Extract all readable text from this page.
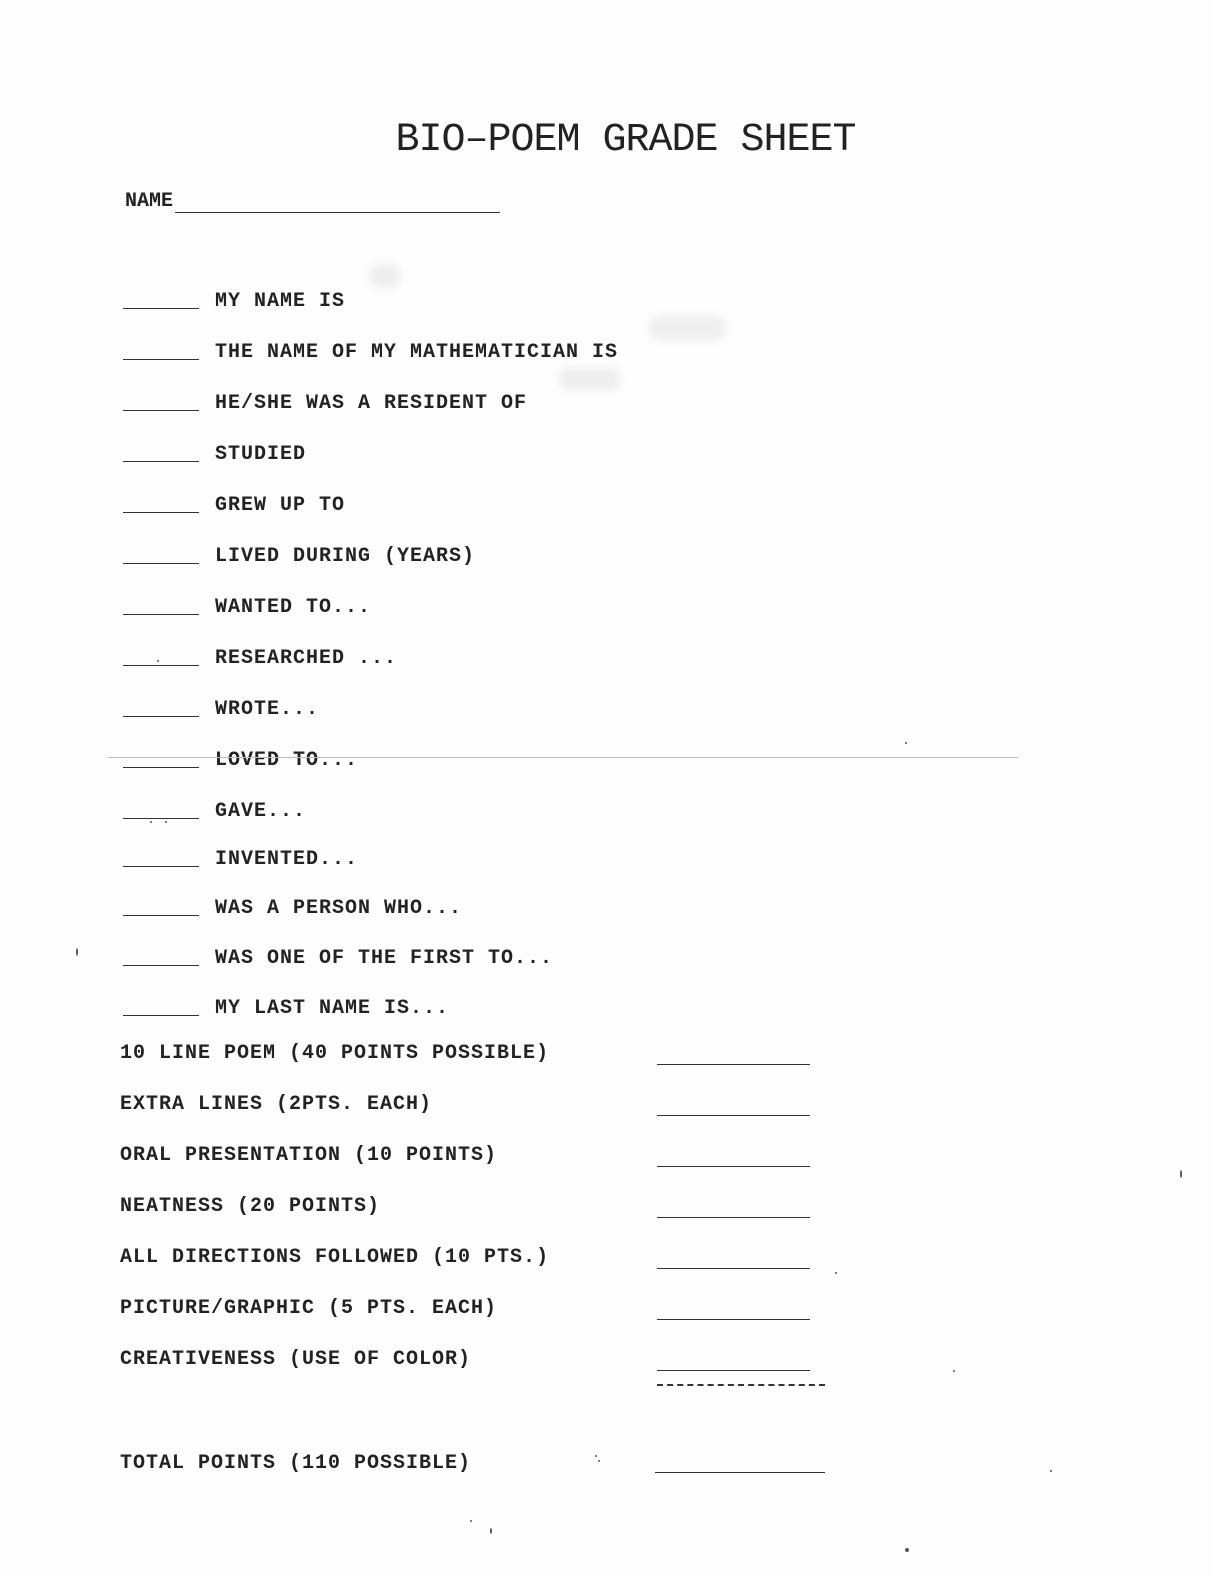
BIO–POEM GRADE SHEET
NAME
MY NAME IS
THE NAME OF MY MATHEMATICIAN IS
HE/SHE WAS A RESIDENT OF
STUDIED
GREW UP TO
LIVED DURING (YEARS)
WANTED TO...
RESEARCHED ...
WROTE...
LOVED TO...
GAVE...
INVENTED...
WAS A PERSON WHO...
WAS ONE OF THE FIRST TO...
MY LAST NAME IS...
10 LINE POEM (40 POINTS POSSIBLE)
EXTRA LINES (2PTS. EACH)
ORAL PRESENTATION (10 POINTS)
NEATNESS (20 POINTS)
ALL DIRECTIONS FOLLOWED (10 PTS.)
PICTURE/GRAPHIC (5 PTS. EACH)
CREATIVENESS (USE OF COLOR)
TOTAL POINTS (110 POSSIBLE)
